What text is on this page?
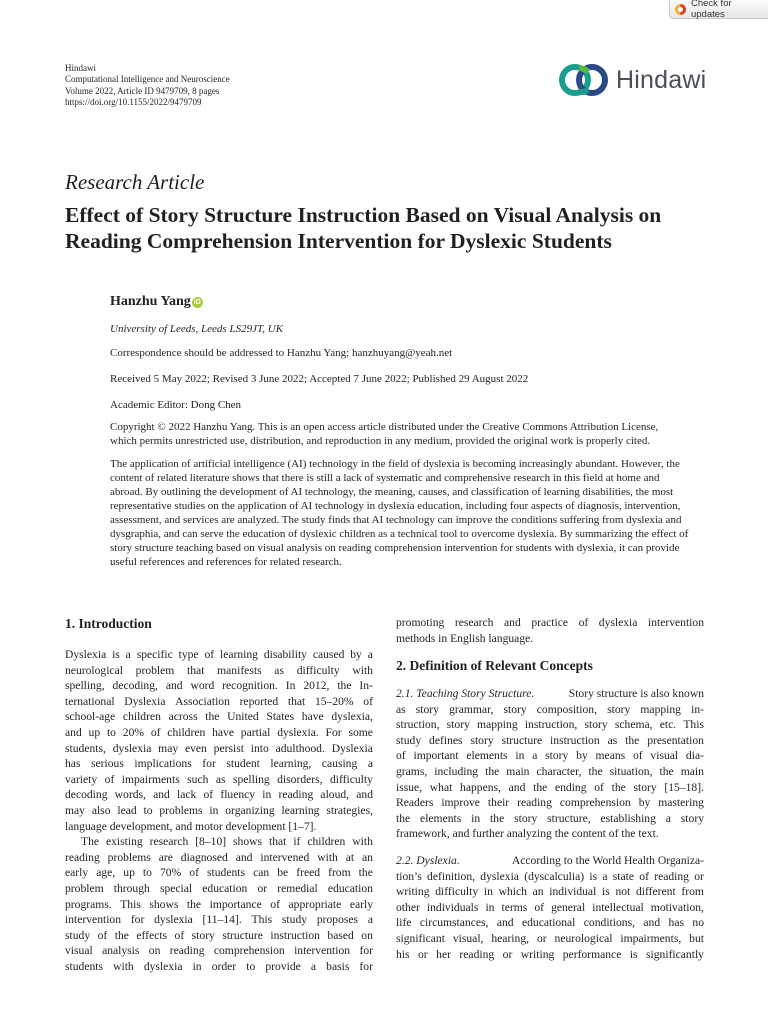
Check for updates
Hindawi
Computational Intelligence and Neuroscience
Volume 2022, Article ID 9479709, 8 pages
https://doi.org/10.1155/2022/9479709
Hindawi
Research Article
Effect of Story Structure Instruction Based on Visual Analysis on
Reading Comprehension Intervention for Dyslexic Students
Hanzhu Yang iD
University of Leeds, Leeds LS29JT, UK
Correspondence should be addressed to Hanzhu Yang; hanzhuyang@yeah.net
Received 5 May 2022; Revised 3 June 2022; Accepted 7 June 2022; Published 29 August 2022
Academic Editor: Dong Chen
Copyright © 2022 Hanzhu Yang. This is an open access article distributed under the Creative Commons Attribution License,
which permits unrestricted use, distribution, and reproduction in any medium, provided the original work is properly cited.
The application of artificial intelligence (AI) technology in the field of dyslexia is becoming increasingly abundant. However, the
content of related literature shows that there is still a lack of systematic and comprehensive research in this field at home and
abroad. By outlining the development of AI technology, the meaning, causes, and classification of learning disabilities, the most
representative studies on the application of AI technology in dyslexia education, including four aspects of diagnosis, intervention,
assessment, and services are analyzed. The study finds that AI technology can improve the conditions suffering from dyslexia and
dysgraphia, and can serve the education of dyslexic children as a technical tool to overcome dyslexia. By summarizing the effect of
story structure teaching based on visual analysis on reading comprehension intervention for students with dyslexia, it can provide
useful references and references for related research.
1. Introduction
Dyslexia is a specific type of learning disability caused by a
neurological problem that manifests as difficulty with
spelling, decoding, and word recognition. In 2012, the In-
ternational Dyslexia Association reported that 15–20% of
school-age children across the United States have dyslexia,
and up to 20% of children have partial dyslexia. For some
students, dyslexia may even persist into adulthood. Dyslexia
has serious implications for student learning, causing a
variety of impairments such as spelling disorders, difficulty
decoding words, and lack of fluency in reading aloud, and
may also lead to problems in organizing learning strategies,
language development, and motor development [1–7].
The existing research [8–10] shows that if children with
reading problems are diagnosed and intervened with at an
early age, up to 70% of students can be freed from the
problem through special education or remedial education
programs. This shows the importance of appropriate early
intervention for dyslexia [11–14]. This study proposes a
study of the effects of story structure instruction based on
visual analysis on reading comprehension intervention for
students with dyslexia in order to provide a basis for
promoting research and practice of dyslexia intervention
methods in English language.
2. Definition of Relevant Concepts
2.1. Teaching Story Structure.	Story structure is also known
as story grammar, story composition, story mapping in-
struction, story mapping instruction, story schema, etc. This
study defines story structure instruction as the presentation
of important elements in a story by means of visual dia-
grams, including the main character, the situation, the main
issue, what happens, and the ending of the story [15–18].
Readers improve their reading comprehension by mastering
the elements in the story structure, establishing a story
framework, and further analyzing the content of the text.
2.2. Dyslexia.	According to the World Health Organiza-
tion’s definition, dyslexia (dyscalculia) is a state of reading or
writing difficulty in which an individual is not different from
other individuals in terms of general intellectual motivation,
life circumstances, and educational conditions, and has no
significant visual, hearing, or neurological impairments, but
his or her reading or writing performance is significantly
